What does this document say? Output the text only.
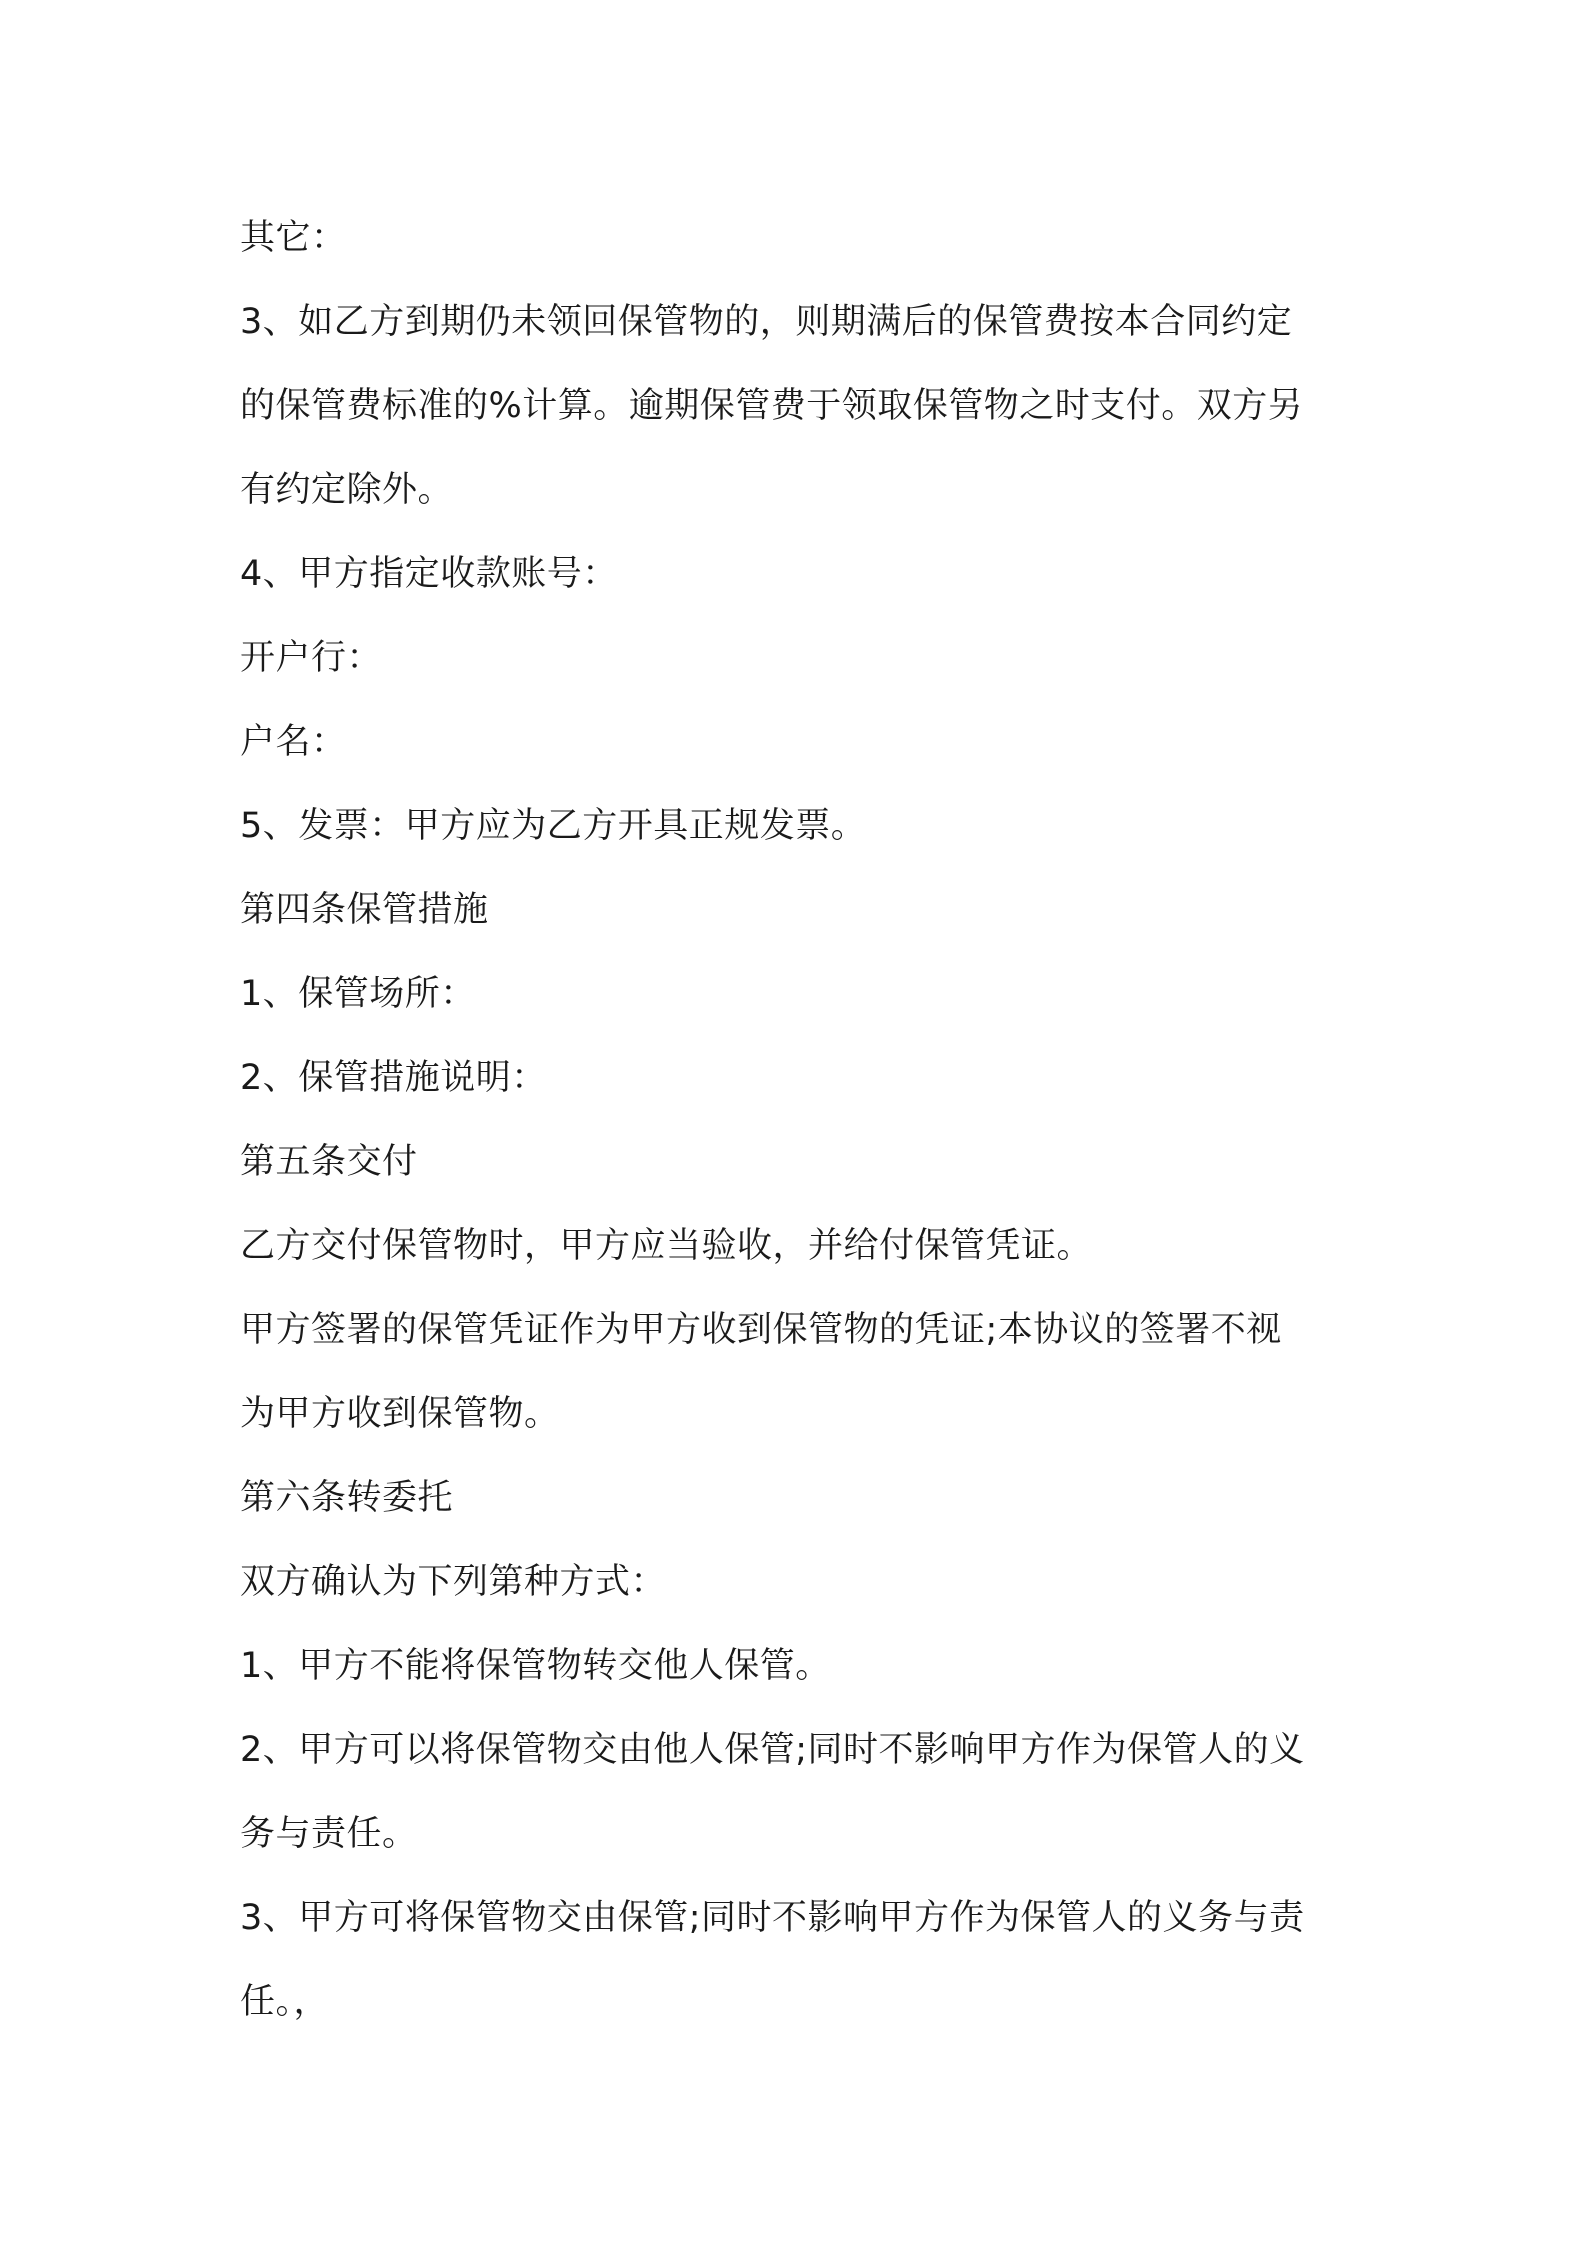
其它：
3、如乙方到期仍未领回保管物的，则期满后的保管费按本合同约定
的保管费标准的%计算。逾期保管费于领取保管物之时支付。双方另
有约定除外。
4、甲方指定收款账号：
开户行：
户名：
5、发票：甲方应为乙方开具正规发票。
第四条保管措施
1、保管场所：
2、保管措施说明：
第五条交付
乙方交付保管物时，甲方应当验收，并给付保管凭证。
甲方签署的保管凭证作为甲方收到保管物的凭证;本协议的签署不视
为甲方收到保管物。
第六条转委托
双方确认为下列第种方式：
1、甲方不能将保管物转交他人保管。
2、甲方可以将保管物交由他人保管;同时不影响甲方作为保管人的义
务与责任。
3、甲方可将保管物交由保管;同时不影响甲方作为保管人的义务与责
任。，
